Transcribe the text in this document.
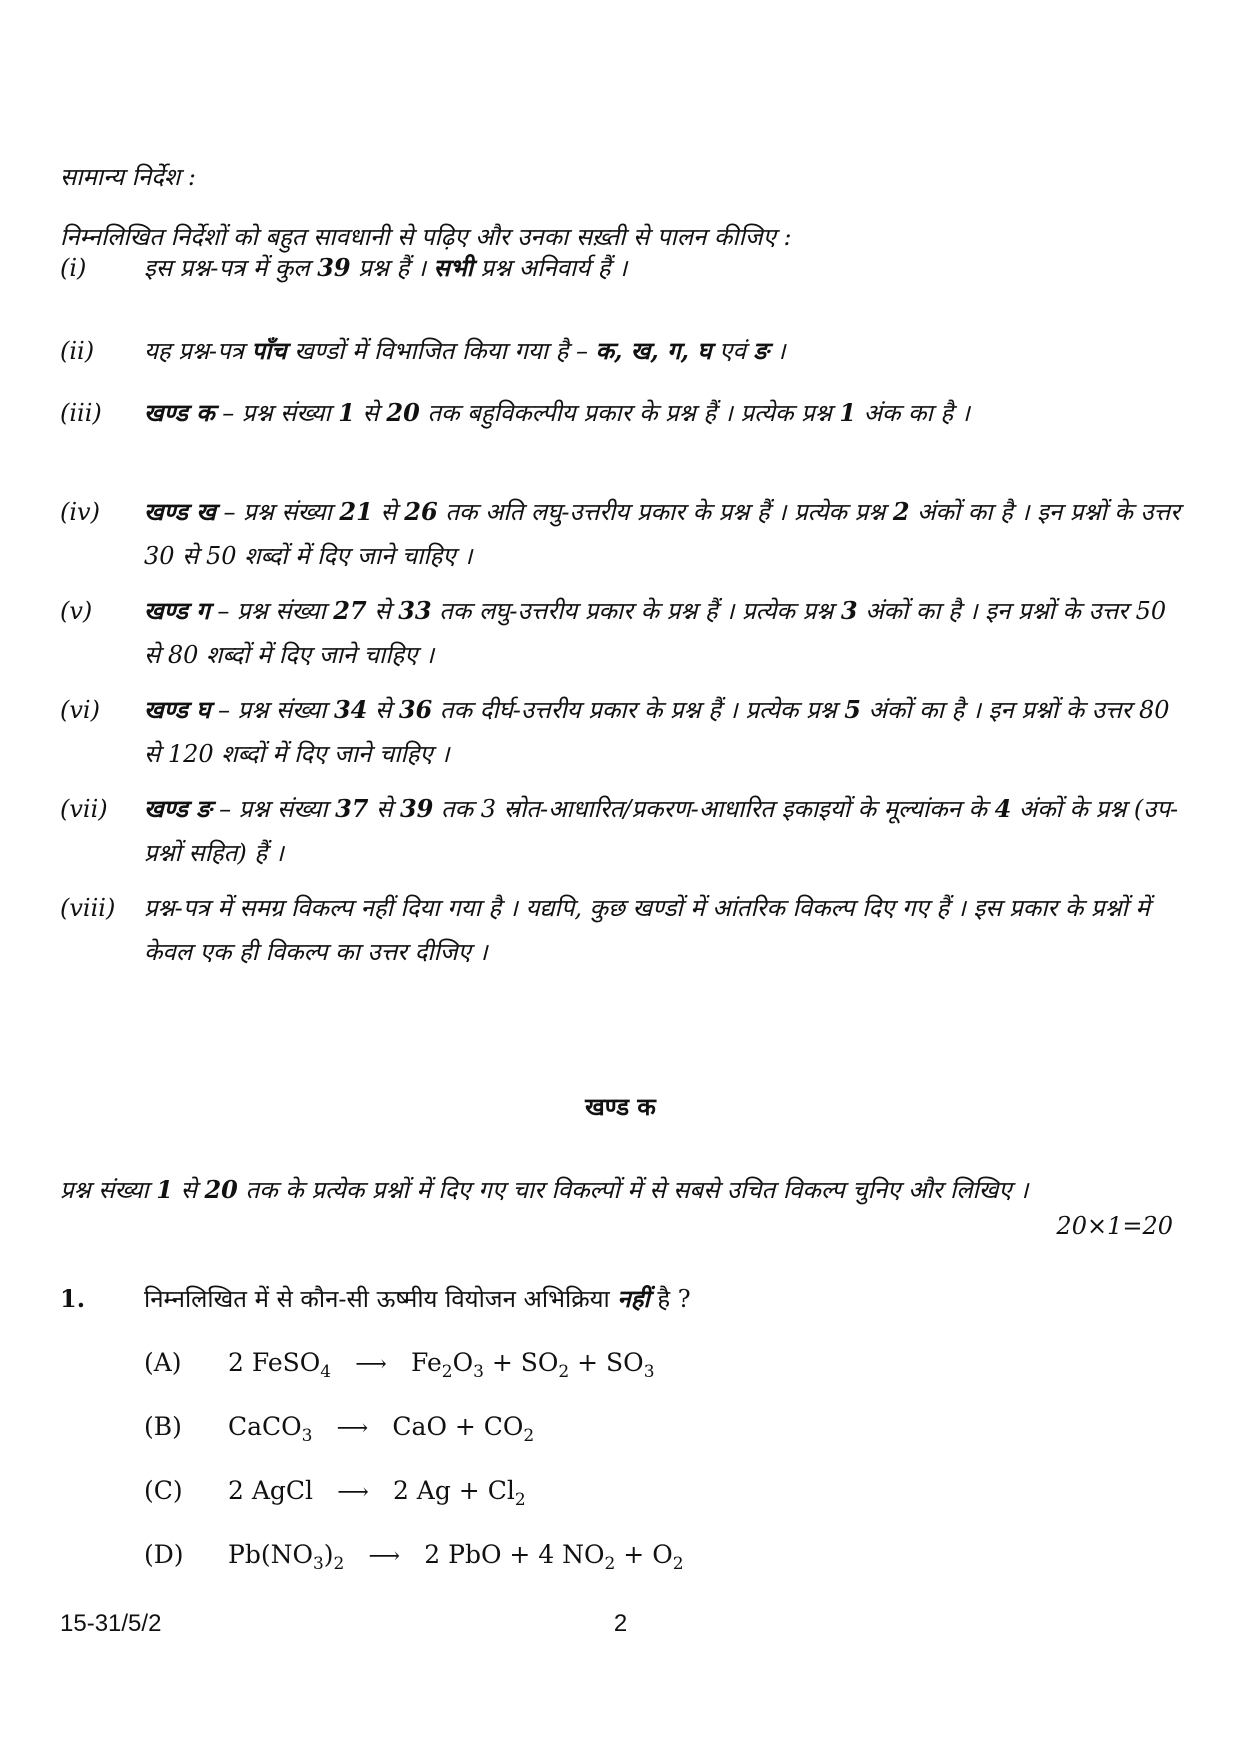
सामान्य निर्देश :
निम्नलिखित निर्देशों को बहुत सावधानी से पढ़िए और उनका सख़्ती से पालन कीजिए :
(i)	इस प्रश्न-पत्र में कुल 39 प्रश्न हैं । सभी प्रश्न अनिवार्य हैं ।
(ii)	यह प्रश्न-पत्र पाँच खण्डों में विभाजित किया गया है – क, ख, ग, घ एवं ङ ।
(iii)	खण्ड क – प्रश्न संख्या 1 से 20 तक बहुविकल्पीय प्रकार के प्रश्न हैं । प्रत्येक प्रश्न 1 अंक का है ।
(iv)	खण्ड ख – प्रश्न संख्या 21 से 26 तक अति लघु-उत्तरीय प्रकार के प्रश्न हैं । प्रत्येक प्रश्न 2 अंकों का है । इन प्रश्नों के उत्तर 30 से 50 शब्दों में दिए जाने चाहिए ।
(v)	खण्ड ग – प्रश्न संख्या 27 से 33 तक लघु-उत्तरीय प्रकार के प्रश्न हैं । प्रत्येक प्रश्न 3 अंकों का है । इन प्रश्नों के उत्तर 50 से 80 शब्दों में दिए जाने चाहिए ।
(vi)	खण्ड घ – प्रश्न संख्या 34 से 36 तक दीर्घ-उत्तरीय प्रकार के प्रश्न हैं । प्रत्येक प्रश्न 5 अंकों का है । इन प्रश्नों के उत्तर 80 से 120 शब्दों में दिए जाने चाहिए ।
(vii)	खण्ड ङ – प्रश्न संख्या 37 से 39 तक 3 स्रोत-आधारित/प्रकरण-आधारित इकाइयों के मूल्यांकन के 4 अंकों के प्रश्न (उप-प्रश्नों सहित) हैं ।
(viii)	प्रश्न-पत्र में समग्र विकल्प नहीं दिया गया है । यद्यपि, कुछ खण्डों में आंतरिक विकल्प दिए गए हैं । इस प्रकार के प्रश्नों में केवल एक ही विकल्प का उत्तर दीजिए ।
खण्ड क
प्रश्न संख्या 1 से 20 तक के प्रत्येक प्रश्नों में दिए गए चार विकल्पों में से सबसे उचित विकल्प चुनिए और लिखिए ।
20×1=20
1. निम्नलिखित में से कौन-सी ऊष्मीय वियोजन अभिक्रिया नहीं है ?
(A) 2 FeSO$_4$ ⟶ $Fe_2O_3 + SO_2 + SO_3$
(B) CaCO$_3$ ⟶ CaO + $CO_2$
(C) 2 AgCl ⟶ 2 $Ag + Cl_2$
(D) $Pb(NO_3)_2$ ⟶ 2 PbO + 4 $NO_2 + O_2$
15-31/5/2	2
